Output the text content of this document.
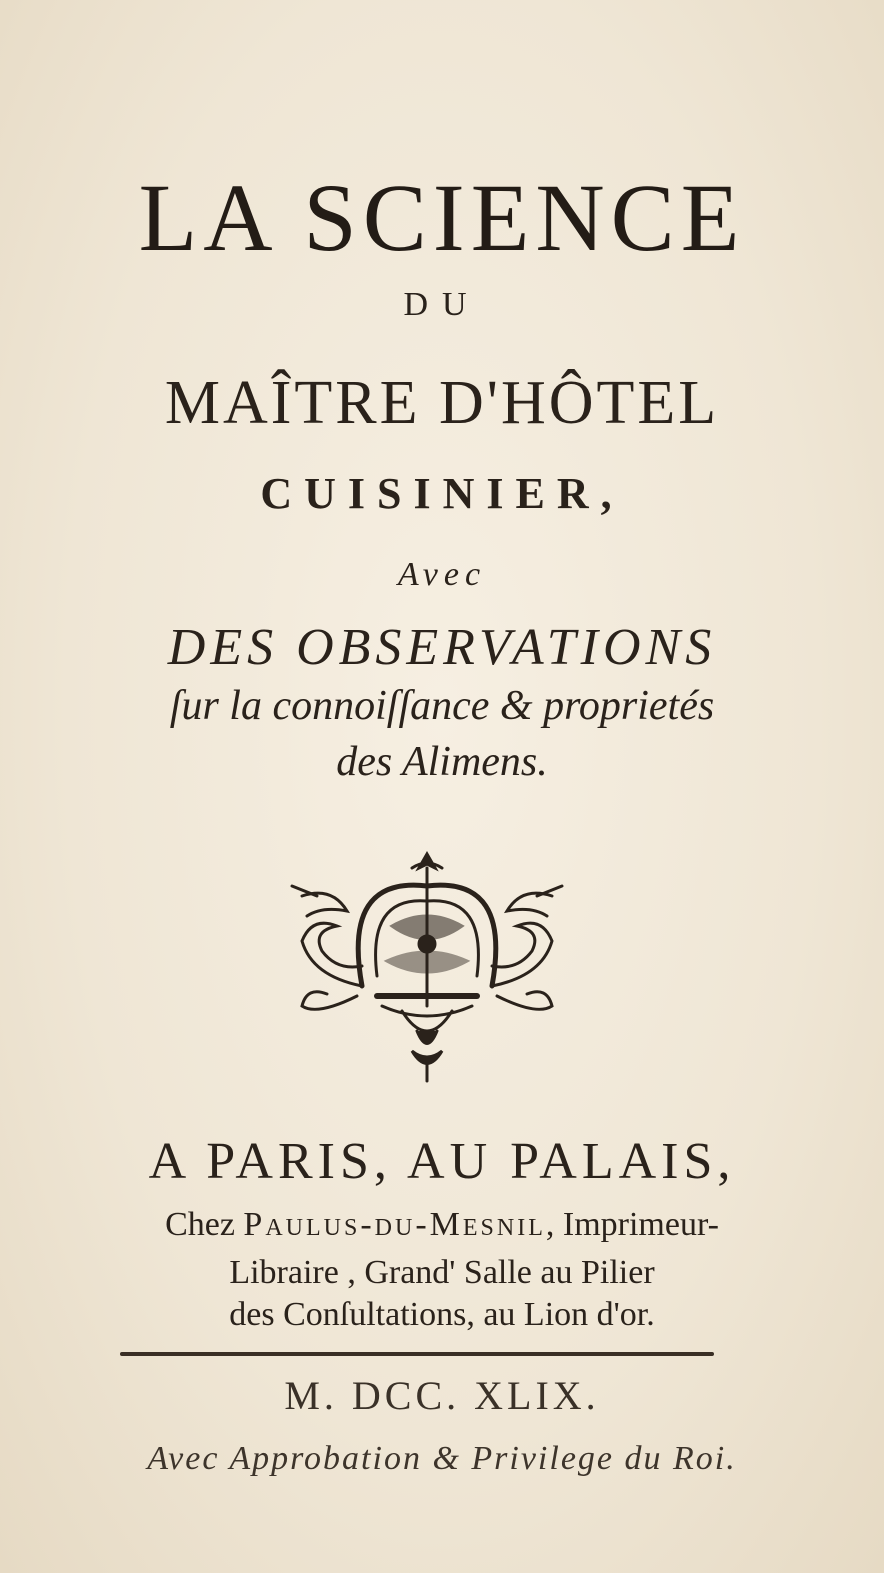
LA SCIENCE
DU
MAÎTRE D'HÔTEL
CUISINIER,
Avec
DES OBSERVATIONS
ſur la connoiſſance & proprietés
des Alimens.
A PARIS, AU PALAIS,
Chez Paulus-du-Mesnil, Imprimeur-
Libraire , Grand' Salle au Pilier
des Conſultations, au Lion d'or.
M. DCC. XLIX.
Avec Approbation & Privilege du Roi.
